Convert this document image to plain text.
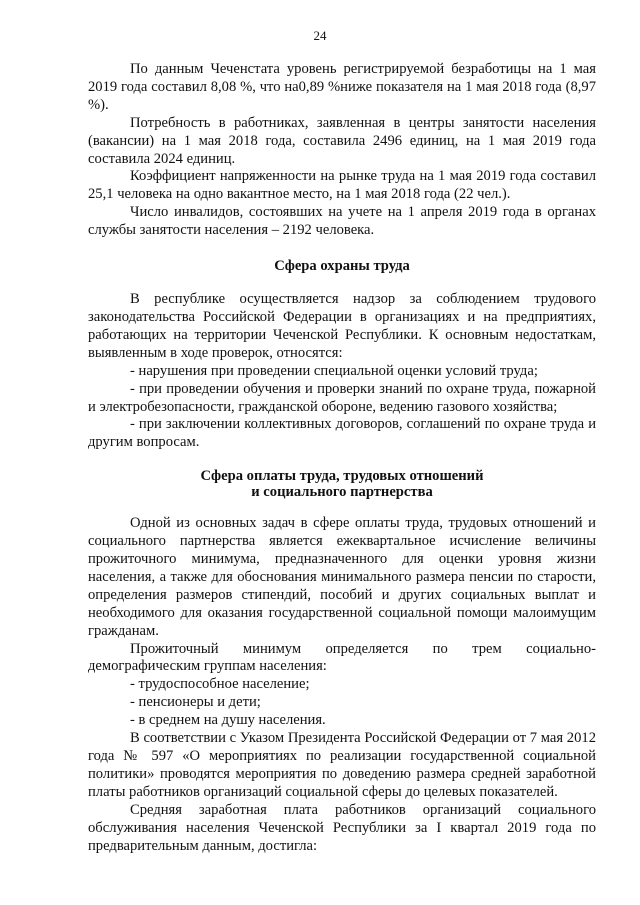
24

По данным Чеченстата уровень регистрируемой безработицы на 1 мая 2019 года составил 8,08 %, что на0,89 %ниже показателя на 1 мая 2018 года (8,97 %).

Потребность в работниках, заявленная в центры занятости населения (вакансии) на 1 мая 2018 года, составила 2496 единиц, на 1 мая 2019 года составила 2024 единиц.

Коэффициент напряженности на рынке труда на 1 мая 2019 года составил 25,1 человека на одно вакантное место, на 1 мая 2018 года (22 чел.).

Число инвалидов, состоявших на учете на 1 апреля 2019 года в органах службы занятости населения – 2192 человека.

Сфера охраны труда

В республике осуществляется надзор за соблюдением трудового законодательства Российской Федерации в организациях и на предприятиях, работающих на территории Чеченской Республики. К основным недостаткам, выявленным в ходе проверок, относятся:

- нарушения при проведении специальной оценки условий труда;

- при проведении обучения и проверки знаний по охране труда, пожарной и электробезопасности, гражданской обороне, ведению газового хозяйства;

- при заключении коллективных договоров, соглашений по охране труда и другим вопросам.

Сфера оплаты труда, трудовых отношений
и социального партнерства

Одной из основных задач в сфере оплаты труда, трудовых отношений и социального партнерства является ежеквартальное исчисление величины прожиточного минимума, предназначенного для оценки уровня жизни населения, а также для обоснования минимального размера пенсии по старости, определения размеров стипендий, пособий и других социальных выплат и необходимого для оказания государственной социальной помощи малоимущим гражданам.

Прожиточный минимум определяется по трем социально-демографическим группам населения:

- трудоспособное население;

- пенсионеры и дети;

- в среднем на душу населения.

В соответствии с Указом Президента Российской Федерации от 7 мая 2012 года № 597 «О мероприятиях по реализации государственной социальной политики» проводятся мероприятия по доведению размера средней заработной платы работников организаций социальной сферы до целевых показателей.

Средняя заработная плата работников организаций социального обслуживания населения Чеченской Республики за I квартал 2019 года по предварительным данным, достигла:
